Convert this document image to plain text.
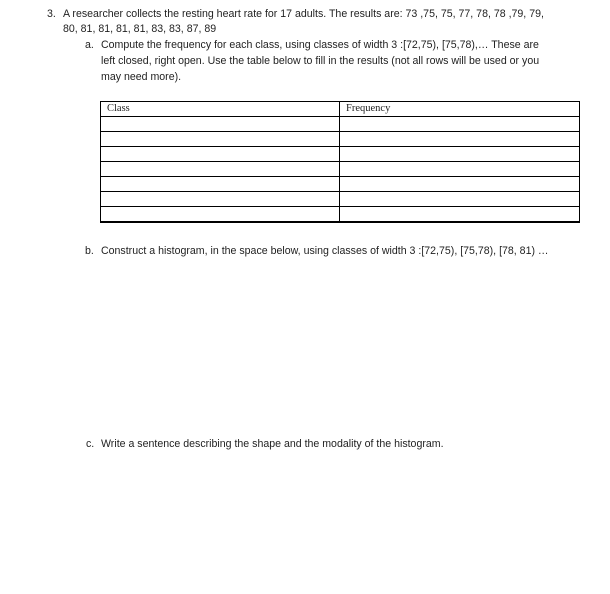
3. A researcher collects the resting heart rate for 17 adults. The results are: 73 ,75, 75, 77, 78, 78 ,79, 79,
80, 81, 81, 81, 81, 83, 83, 87, 89
a. Compute the frequency for each class, using classes of width 3 :[72,75), [75,78),… These are
left closed, right open. Use the table below to fill in the results (not all rows will be used or you
may need more).
Class	Frequency

b. Construct a histogram, in the space below, using classes of width 3 :[72,75), [75,78), [78, 81) …
c. Write a sentence describing the shape and the modality of the histogram.
